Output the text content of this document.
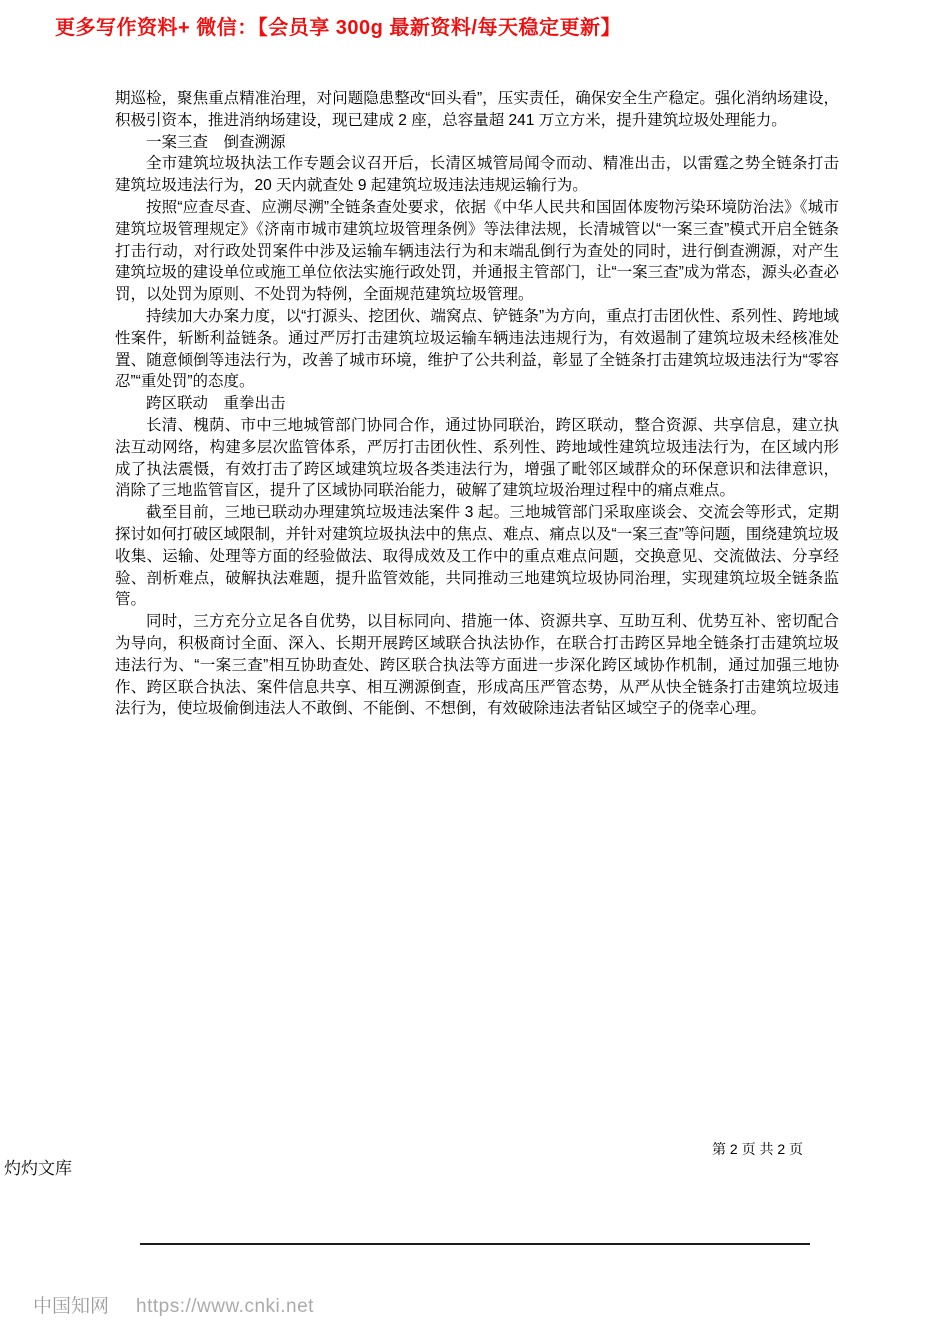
更多写作资料+ 微信：【会员享 300g 最新资料/每天稳定更新】

期巡检，聚焦重点精准治理，对问题隐患整改“回头看”，压实责任，确保安全生产稳定。强化消纳场建设，积极引资本，推进消纳场建设，现已建成 2 座，总容量超 241 万立方米，提升建筑垃圾处理能力。

一案三查　倒查溯源

全市建筑垃圾执法工作专题会议召开后，长清区城管局闻令而动、精准出击，以雷霆之势全链条打击建筑垃圾违法行为，20 天内就查处 9 起建筑垃圾违法违规运输行为。

按照“应查尽查、应溯尽溯”全链条查处要求，依据《中华人民共和国固体废物污染环境防治法》《城市建筑垃圾管理规定》《济南市城市建筑垃圾管理条例》等法律法规，长清城管以“一案三查”模式开启全链条打击行动，对行政处罚案件中涉及运输车辆违法行为和末端乱倒行为查处的同时，进行倒查溯源，对产生建筑垃圾的建设单位或施工单位依法实施行政处罚，并通报主管部门，让“一案三查”成为常态，源头必查必罚，以处罚为原则、不处罚为特例，全面规范建筑垃圾管理。

持续加大办案力度，以“打源头、挖团伙、端窝点、铲链条”为方向，重点打击团伙性、系列性、跨地域性案件，斩断利益链条。通过严厉打击建筑垃圾运输车辆违法违规行为，有效遏制了建筑垃圾未经核准处置、随意倾倒等违法行为，改善了城市环境，维护了公共利益，彰显了全链条打击建筑垃圾违法行为“零容忍”“重处罚”的态度。

跨区联动　重拳出击

长清、槐荫、市中三地城管部门协同合作，通过协同联治，跨区联动，整合资源、共享信息，建立执法互动网络，构建多层次监管体系，严厉打击团伙性、系列性、跨地域性建筑垃圾违法行为，在区域内形成了执法震慑，有效打击了跨区域建筑垃圾各类违法行为，增强了毗邻区域群众的环保意识和法律意识，消除了三地监管盲区，提升了区域协同联治能力，破解了建筑垃圾治理过程中的痛点难点。

截至目前，三地已联动办理建筑垃圾违法案件 3 起。三地城管部门采取座谈会、交流会等形式，定期探讨如何打破区域限制，并针对建筑垃圾执法中的焦点、难点、痛点以及“一案三查”等问题，围绕建筑垃圾收集、运输、处理等方面的经验做法、取得成效及工作中的重点难点问题，交换意见、交流做法、分享经验、剖析难点，破解执法难题，提升监管效能，共同推动三地建筑垃圾协同治理，实现建筑垃圾全链条监管。

同时，三方充分立足各自优势，以目标同向、措施一体、资源共享、互助互利、优势互补、密切配合为导向，积极商讨全面、深入、长期开展跨区域联合执法协作，在联合打击跨区异地全链条打击建筑垃圾违法行为、“一案三查”相互协助查处、跨区联合执法等方面进一步深化跨区域协作机制，通过加强三地协作、跨区联合执法、案件信息共享、相互溯源倒查，形成高压严管态势，从严从快全链条打击建筑垃圾违法行为，使垃圾偷倒违法人不敢倒、不能倒、不想倒，有效破除违法者钻区域空子的侥幸心理。

第 2 页 共 2 页
灼灼文库
中国知网 https://www.cnki.net
